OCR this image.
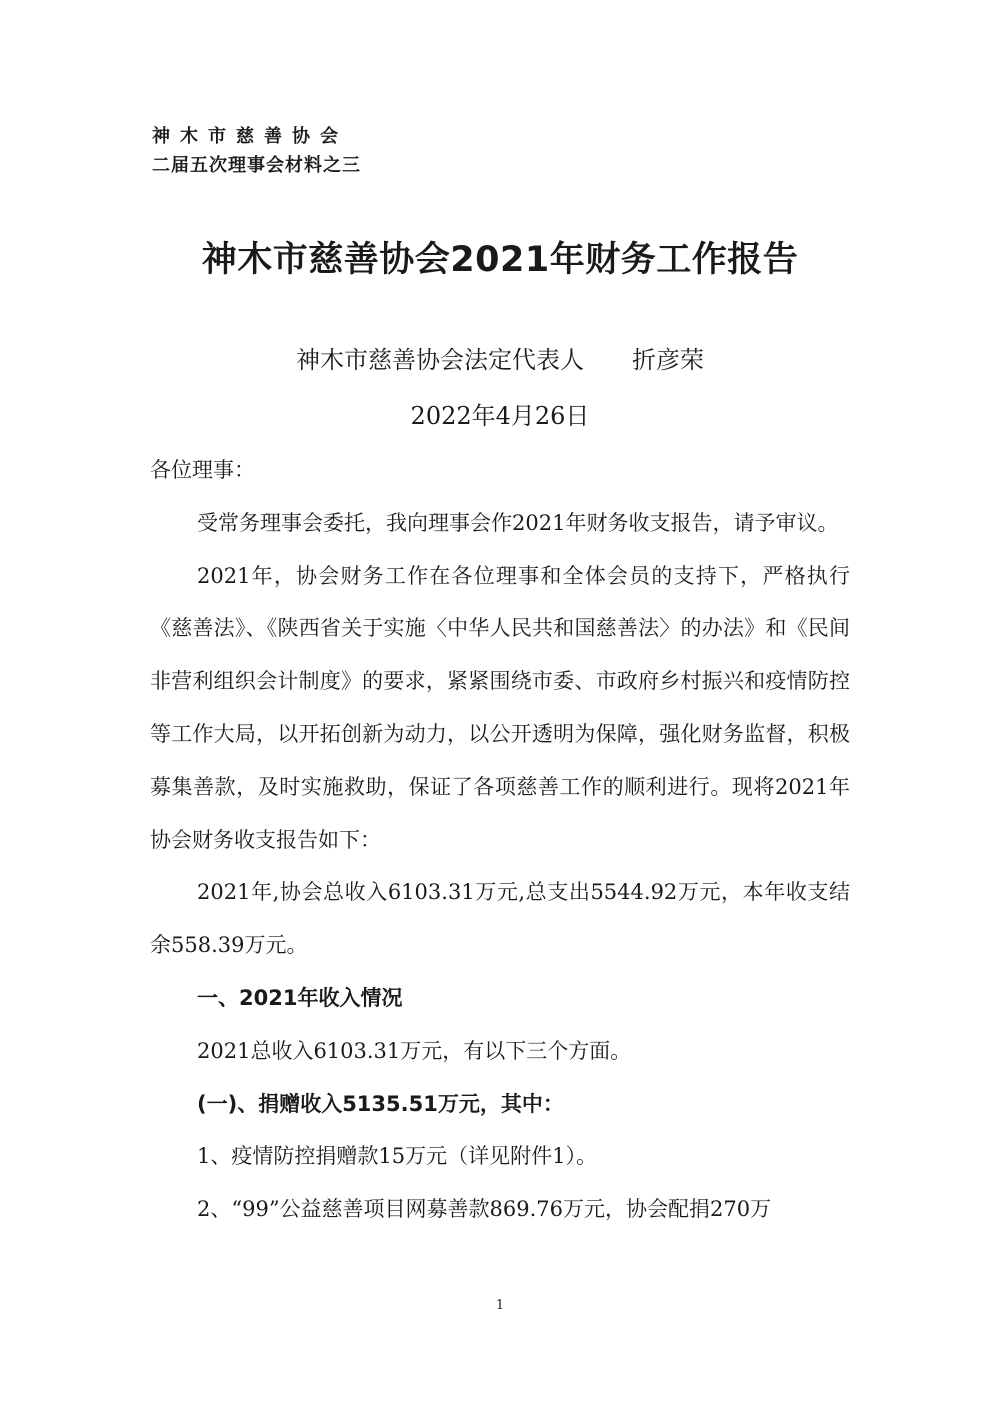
神木市慈善协会
二届五次理事会材料之三
神木市慈善协会2021年财务工作报告
神木市慈善协会法定代表人　　折彦荣
2022年4月26日

各位理事：

受常务理事会委托，我向理事会作2021年财务收支报告，请予审议。

2021年，协会财务工作在各位理事和全体会员的支持下，严格执行《慈善法》、《陕西省关于实施〈中华人民共和国慈善法〉的办法》和《民间非营利组织会计制度》的要求，紧紧围绕市委、市政府乡村振兴和疫情防控等工作大局，以开拓创新为动力，以公开透明为保障，强化财务监督，积极募集善款，及时实施救助，保证了各项慈善工作的顺利进行。现将2021年协会财务收支报告如下：

2021年,协会总收入6103.31万元,总支出5544.92万元，本年收支结余558.39万元。

一、2021年收入情况

2021总收入6103.31万元，有以下三个方面。

(一)、捐赠收入5135.51万元，其中：

1、疫情防控捐赠款15万元（详见附件1）。

2、“99”公益慈善项目网募善款869.76万元，协会配捐270万

1
